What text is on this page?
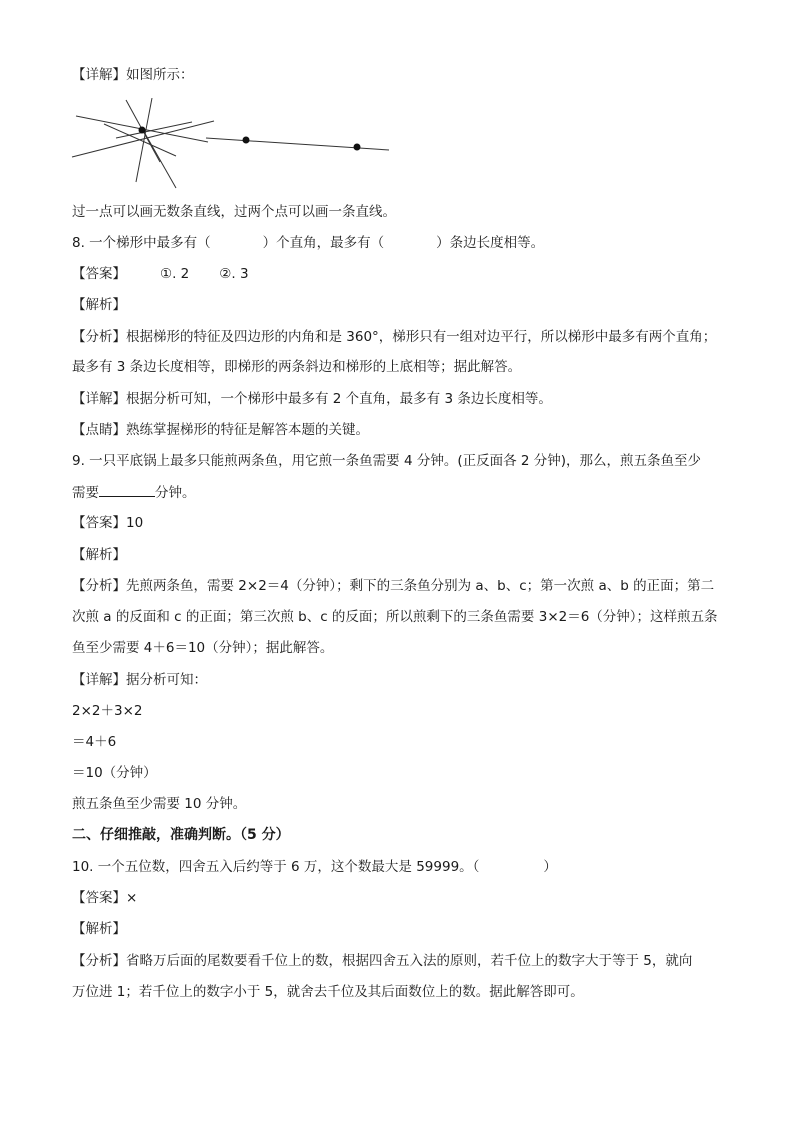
【详解】如图所示：
过一点可以画无数条直线，过两个点可以画一条直线。
8. 一个梯形中最多有（	）个直角，最多有（	）条边长度相等。
【答案】	①. 2 ②. 3
【解析】
【分析】根据梯形的特征及四边形的内角和是 360°，梯形只有一组对边平行，所以梯形中最多有两个直角；
最多有 3 条边长度相等，即梯形的两条斜边和梯形的上底相等；据此解答。
【详解】根据分析可知，一个梯形中最多有 2 个直角，最多有 3 条边长度相等。
【点睛】熟练掌握梯形的特征是解答本题的关键。
9. 一只平底锅上最多只能煎两条鱼，用它煎一条鱼需要 4 分钟。(正反面各 2 分钟)，那么，煎五条鱼至少
需要	分钟。
【答案】10
【解析】
【分析】先煎两条鱼，需要 2×2＝4（分钟）；剩下的三条鱼分别为 a、b、c；第一次煎 a、b 的正面；第二
次煎 a 的反面和 c 的正面；第三次煎 b、c 的反面；所以煎剩下的三条鱼需要 3×2＝6（分钟）；这样煎五条
鱼至少需要 4＋6＝10（分钟）；据此解答。
【详解】据分析可知：
2×2＋3×2
＝4＋6
＝10（分钟）
煎五条鱼至少需要 10 分钟。
二、仔细推敲，准确判断。（5 分）
10. 一个五位数，四舍五入后约等于 6 万，这个数最大是 59999。（	）
【答案】×
【解析】
【分析】省略万后面的尾数要看千位上的数，根据四舍五入法的原则，若千位上的数字大于等于 5，就向
万位进 1；若千位上的数字小于 5，就舍去千位及其后面数位上的数。据此解答即可。
